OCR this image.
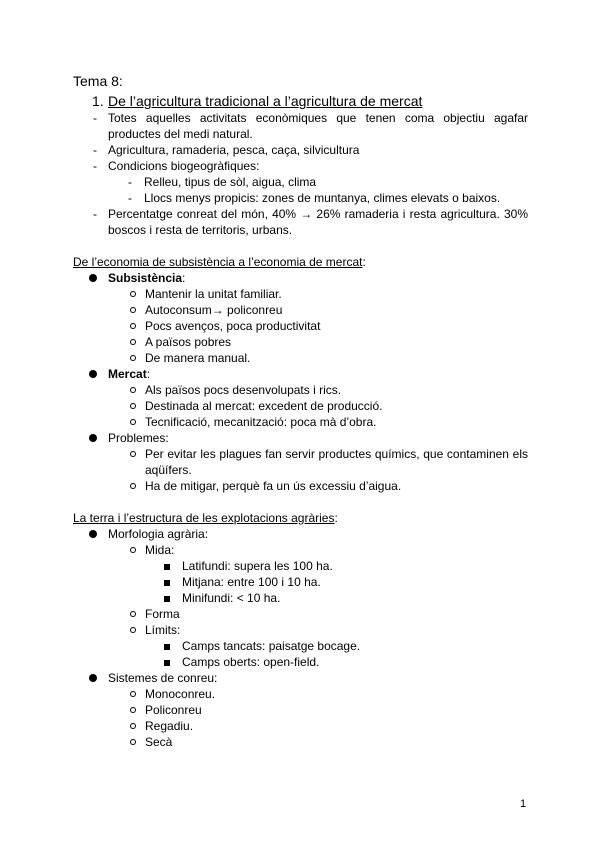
Tema 8:
1. De l’agricultura tradicional a l’agricultura de mercat
- Totes aquelles activitats econòmiques que tenen coma objectiu agafar productes del medi natural.
- Agricultura, ramaderia, pesca, caça, silvicultura
- Condicions biogeogràfiques:
- Relleu, tipus de sòl, aigua, clima
- Llocs menys propicis: zones de muntanya, climes elevats o baixos.
- Percentatge conreat del món, 40% → 26% ramaderia i resta agricultura. 30% boscos i resta de territoris, urbans.
De l’economia de subsistència a l’economia de mercat:
Subsistència:
Mantenir la unitat familiar.
Autoconsum→ policonreu
Pocs avenços, poca productivitat
A països pobres
De manera manual.
Mercat:
Als països pocs desenvolupats i rics.
Destinada al mercat: excedent de producció.
Tecnificació, mecanització: poca mà d’obra.
Problemes:
Per evitar les plagues fan servir productes químics, que contaminen els aqüífers.
Ha de mitigar, perquè fa un ús excessiu d’aigua.
La terra i l’estructura de les explotacions agràries:
Morfologia agrària:
Mida:
Latifundi: supera les 100 ha.
Mitjana: entre 100 i 10 ha.
Minifundi: < 10 ha.
Forma
Límits:
Camps tancats: paisatge bocage.
Camps oberts: open-field.
Sistemes de conreu:
Monoconreu.
Policonreu
Regadiu.
Secà
1
